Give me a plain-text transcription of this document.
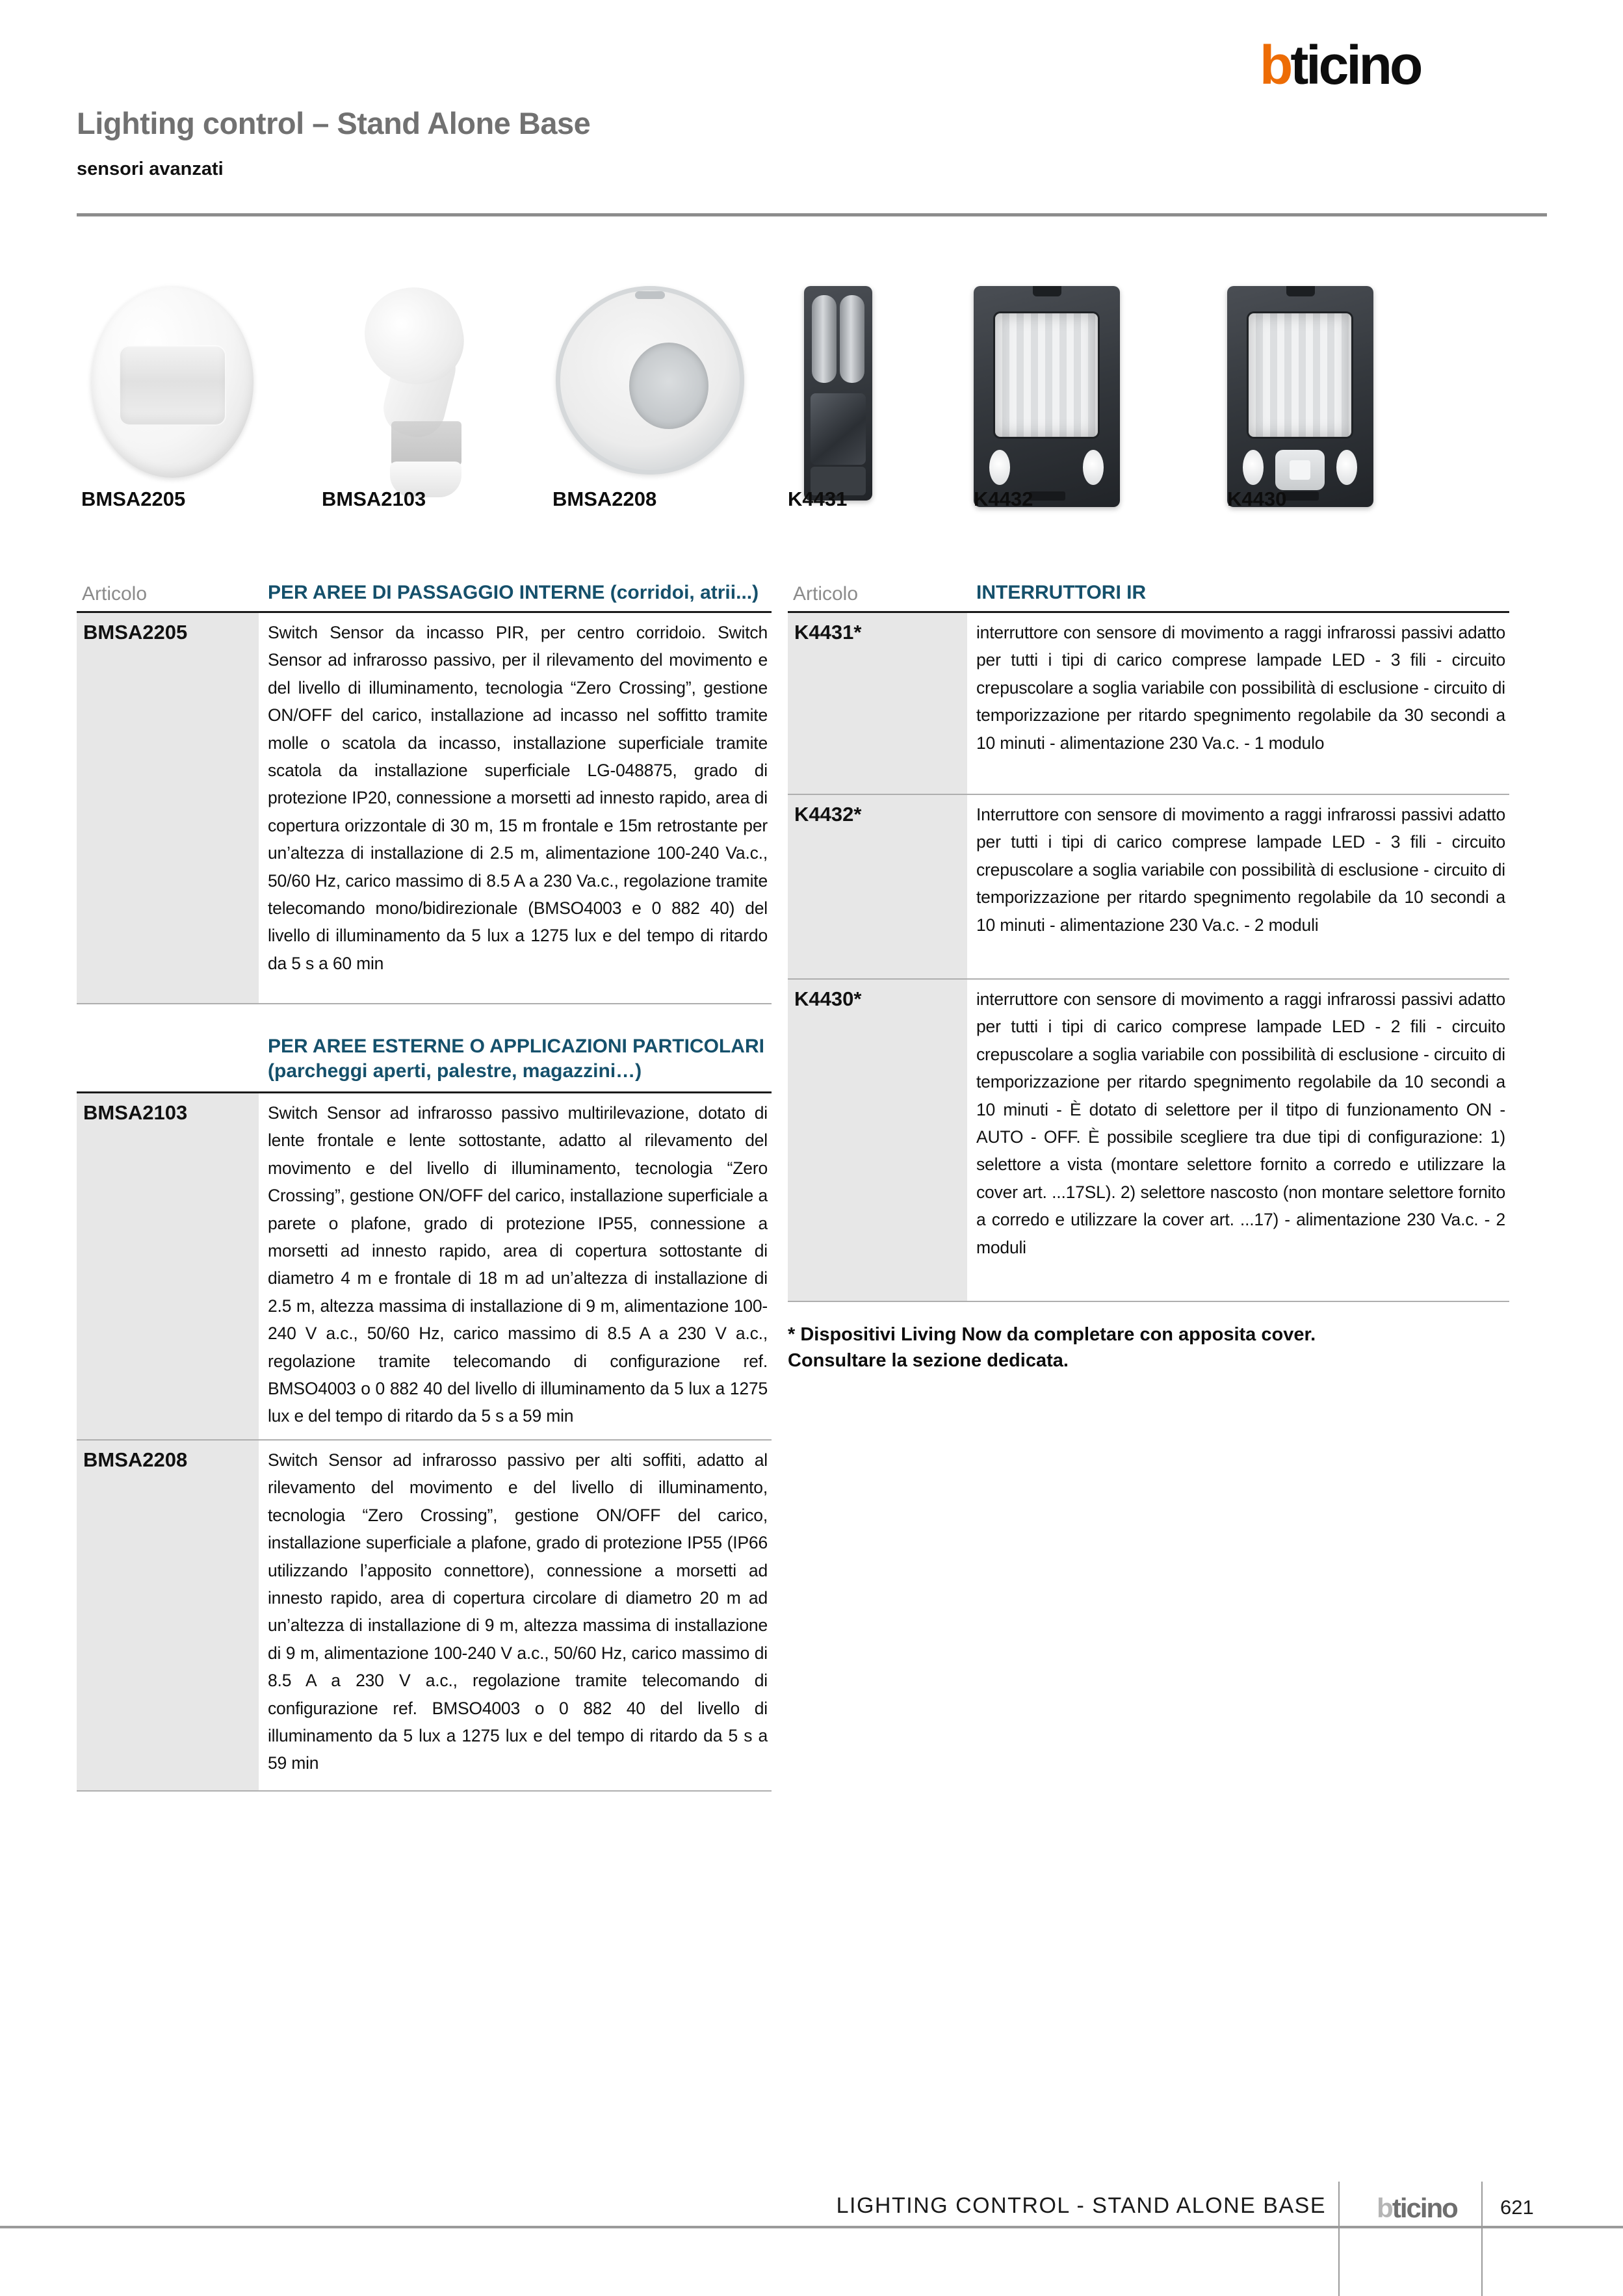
bticino
Lighting control – Stand Alone Base
sensori avanzati
BMSA2205	BMSA2103	BMSA2208	K4431	K4432	K4430
Articolo	PER AREE DI PASSAGGIO INTERNE (corridoi, atrii...)
BMSA2205	Switch Sensor da incasso PIR, per centro corridoio. Switch Sensor ad infrarosso passivo, per il rilevamento del movimento e del livello di illuminamento, tecnologia “Zero Crossing”, gestione ON/OFF del carico, installazione ad incasso nel soffitto tramite molle o scatola da incasso, installazione superficiale tramite scatola da installazione superficiale LG-048875, grado di protezione IP20, connessione a morsetti ad innesto rapido, area di copertura orizzontale di 30 m, 15 m frontale e 15m retrostante per un’altezza di installazione di 2.5 m, alimentazione 100-240 Va.c., 50/60 Hz, carico massimo di 8.5 A a 230 Va.c., regolazione tramite telecomando mono/bidirezionale (BMSO4003 e 0 882 40) del livello di illuminamento da 5 lux a 1275 lux e del tempo di ritardo da 5 s a 60 min
PER AREE ESTERNE O APPLICAZIONI PARTICOLARI
(parcheggi aperti, palestre, magazzini…)
BMSA2103	Switch Sensor ad infrarosso passivo multirilevazione, dotato di lente frontale e lente sottostante, adatto al rilevamento del movimento e del livello di illuminamento, tecnologia “Zero Crossing”, gestione ON/OFF del carico, installazione superficiale a parete o plafone, grado di protezione IP55, connessione a morsetti ad innesto rapido, area di copertura sottostante di diametro 4 m e frontale di 18 m ad un’altezza di installazione di 2.5 m, altezza massima di installazione di 9 m, alimentazione 100-240 V a.c., 50/60 Hz, carico massimo di 8.5 A a 230 V a.c., regolazione tramite telecomando di configurazione ref. BMSO4003 o 0 882 40 del livello di illuminamento da 5 lux a 1275 lux e del tempo di ritardo da 5 s a 59 min
BMSA2208	Switch Sensor ad infrarosso passivo per alti soffiti, adatto al rilevamento del movimento e del livello di illuminamento, tecnologia “Zero Crossing”, gestione ON/OFF del carico, installazione superficiale a plafone, grado di protezione IP55 (IP66 utilizzando l’apposito connettore), connessione a morsetti ad innesto rapido, area di copertura circolare di diametro 20 m ad un’altezza di installazione di 9 m, altezza massima di installazione di 9 m, alimentazione 100-240 V a.c., 50/60 Hz, carico massimo di 8.5 A a 230 V a.c., regolazione tramite telecomando di configurazione ref. BMSO4003 o 0 882 40 del livello di illuminamento da 5 lux a 1275 lux e del tempo di ritardo da 5 s a 59 min
Articolo	INTERRUTTORI IR
K4431*	interruttore con sensore di movimento a raggi infrarossi passivi adatto per tutti i tipi di carico comprese lampade LED - 3 fili - circuito crepuscolare a soglia variabile con possibilità di esclusione - circuito di temporizzazione per ritardo spegnimento regolabile da 30 secondi a 10 minuti - alimentazione 230 Va.c. - 1 modulo
K4432*	Interruttore con sensore di movimento a raggi infrarossi passivi adatto per tutti i tipi di carico comprese lampade LED - 3 fili - circuito crepuscolare a soglia variabile con possibilità di esclusione - circuito di temporizzazione per ritardo spegnimento regolabile da 10 secondi a 10 minuti - alimentazione 230 Va.c. - 2 moduli
K4430*	interruttore con sensore di movimento a raggi infrarossi passivi adatto per tutti i tipi di carico comprese lampade LED - 2 fili - circuito crepuscolare a soglia variabile con possibilità di esclusione - circuito di temporizzazione per ritardo spegnimento regolabile da 10 secondi a 10 minuti - È dotato di selettore per il titpo di funzionamento ON - AUTO - OFF. È possibile scegliere tra due tipi di configurazione: 1) selettore a vista (montare selettore fornito a corredo e utilizzare la cover art. ...17SL). 2) selettore nascosto (non montare selettore fornito a corredo e utilizzare la cover art. ...17) - alimentazione 230 Va.c. - 2 moduli
* Dispositivi Living Now da completare con apposita cover.
Consultare la sezione dedicata.
LIGHTING CONTROL - STAND ALONE BASE	bticino	621
